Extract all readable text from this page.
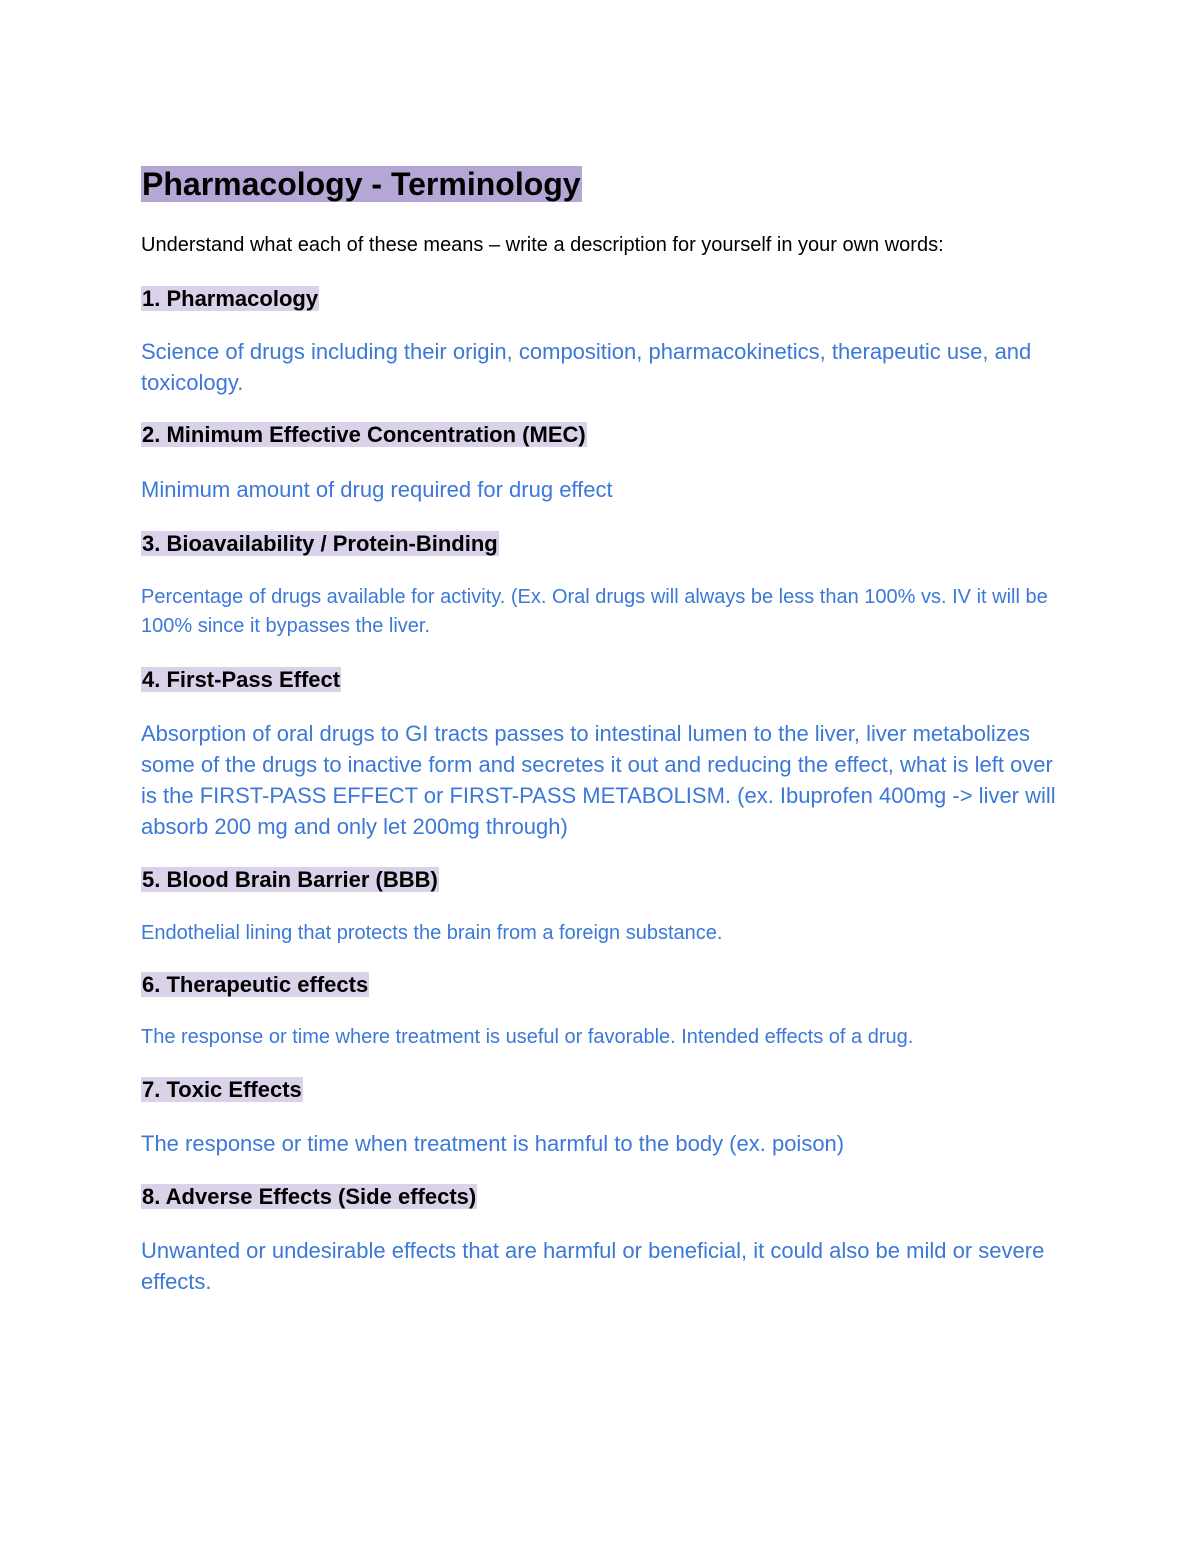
Pharmacology - Terminology

Understand what each of these means – write a description for yourself in your own words:

1. Pharmacology

Science of drugs including their origin, composition, pharmacokinetics, therapeutic use, and toxicology.

2. Minimum Effective Concentration (MEC)

Minimum amount of drug required for drug effect

3. Bioavailability / Protein-Binding

Percentage of drugs available for activity. (Ex. Oral drugs will always be less than 100% vs. IV it will be 100% since it bypasses the liver.

4. First-Pass Effect

Absorption of oral drugs to GI tracts passes to intestinal lumen to the liver, liver metabolizes some of the drugs to inactive form and secretes it out and reducing the effect, what is left over is the FIRST-PASS EFFECT or FIRST-PASS METABOLISM. (ex. Ibuprofen 400mg -> liver will absorb 200 mg and only let 200mg through)

5. Blood Brain Barrier (BBB)

Endothelial lining that protects the brain from a foreign substance.

6. Therapeutic effects

The response or time where treatment is useful or favorable. Intended effects of a drug.

7. Toxic Effects

The response or time when treatment is harmful to the body (ex. poison)

8. Adverse Effects (Side effects)

Unwanted or undesirable effects that are harmful or beneficial, it could also be mild or severe effects.
